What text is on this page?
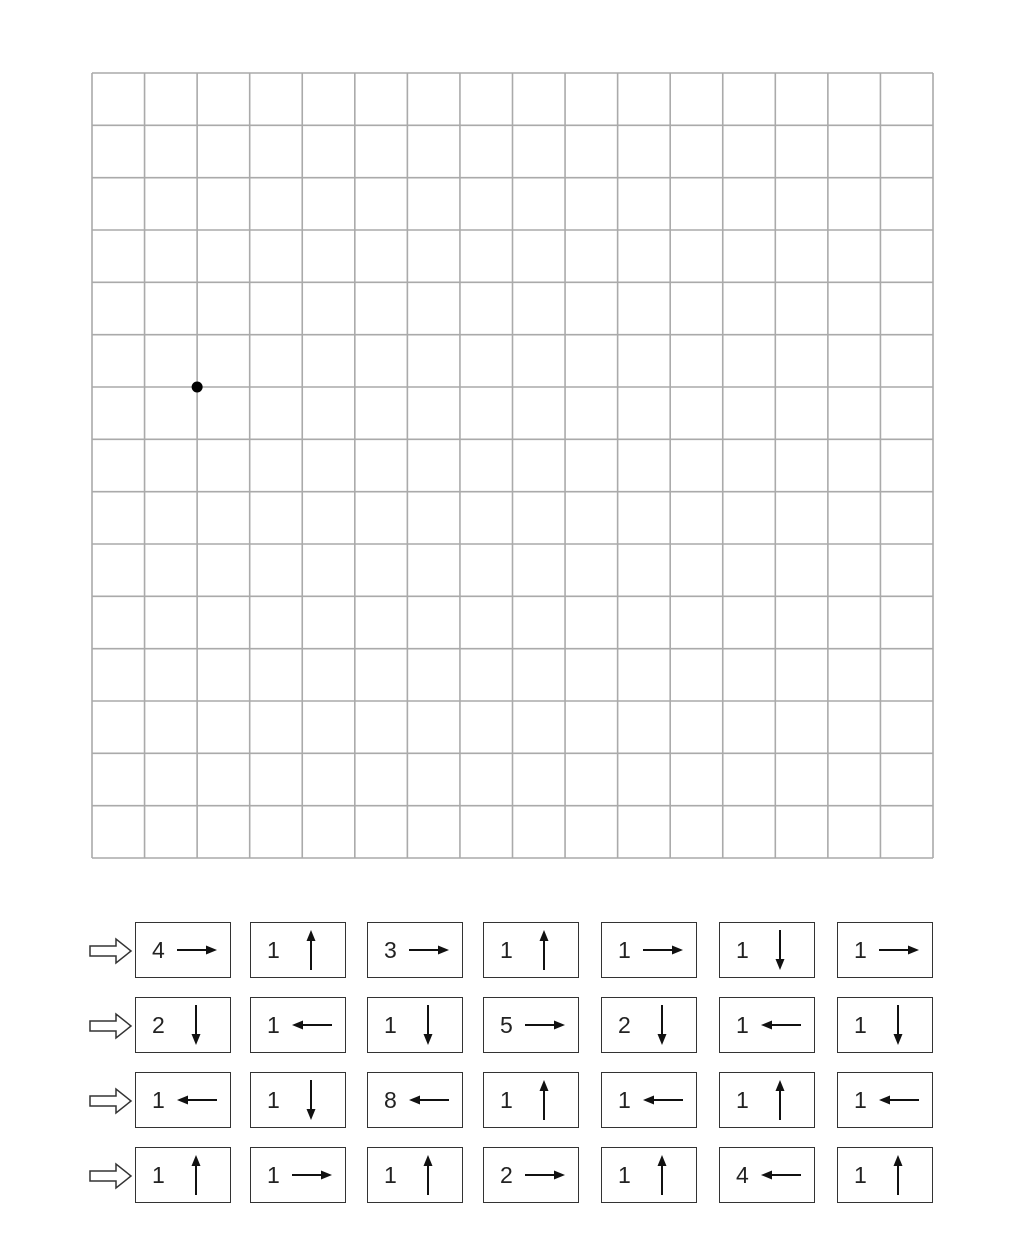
4	1	3	1	1	1	1
2	1	1	5	2	1	1
1	1	8	1	1	1	1
1	1	1	2	1	4	1
